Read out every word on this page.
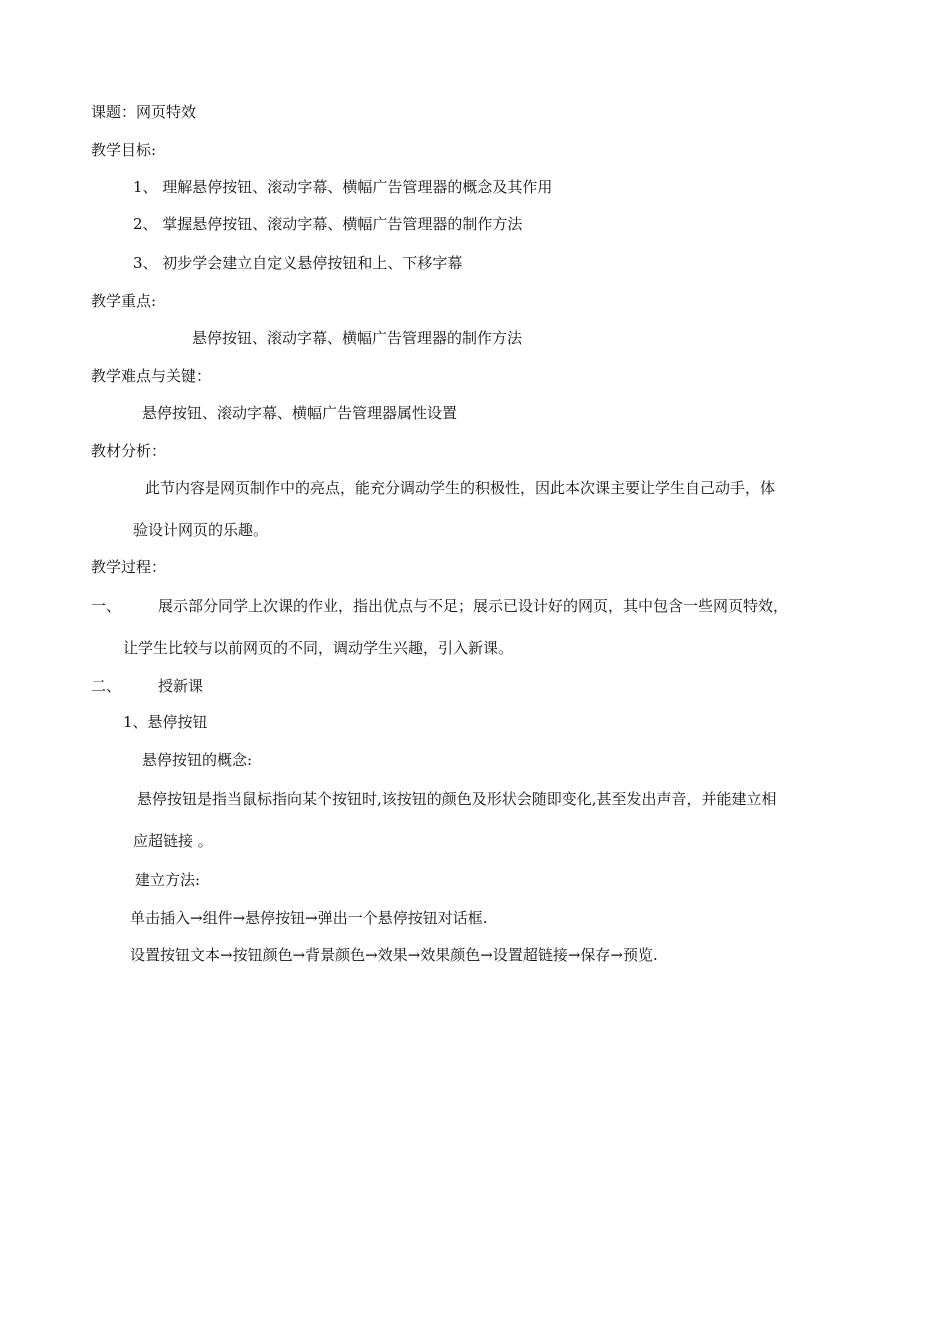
课题：网页特效
教学目标:
1、 理解悬停按钮、滚动字幕、横幅广告管理器的概念及其作用
2、 掌握悬停按钮、滚动字幕、横幅广告管理器的制作方法
3、 初步学会建立自定义悬停按钮和上、下移字幕
教学重点:
悬停按钮、滚动字幕、横幅广告管理器的制作方法
教学难点与关键：
悬停按钮、滚动字幕、横幅广告管理器属性设置
教材分析：
此节内容是网页制作中的亮点，能充分调动学生的积极性，因此本次课主要让学生自己动手，体
验设计网页的乐趣。
教学过程：
一、 展示部分同学上次课的作业，指出优点与不足；展示已设计好的网页，其中包含一些网页特效，
让学生比较与以前网页的不同，调动学生兴趣，引入新课。
二、 授新课
1、悬停按钮
悬停按钮的概念:
悬停按钮是指当鼠标指向某个按钮时,该按钮的颜色及形状会随即变化,甚至发出声音，并能建立相
应超链接 。
建立方法:
单击插入→组件→悬停按钮→弹出一个悬停按钮对话框.
设置按钮文本→按钮颜色→背景颜色→效果→效果颜色→设置超链接→保存→预览.
